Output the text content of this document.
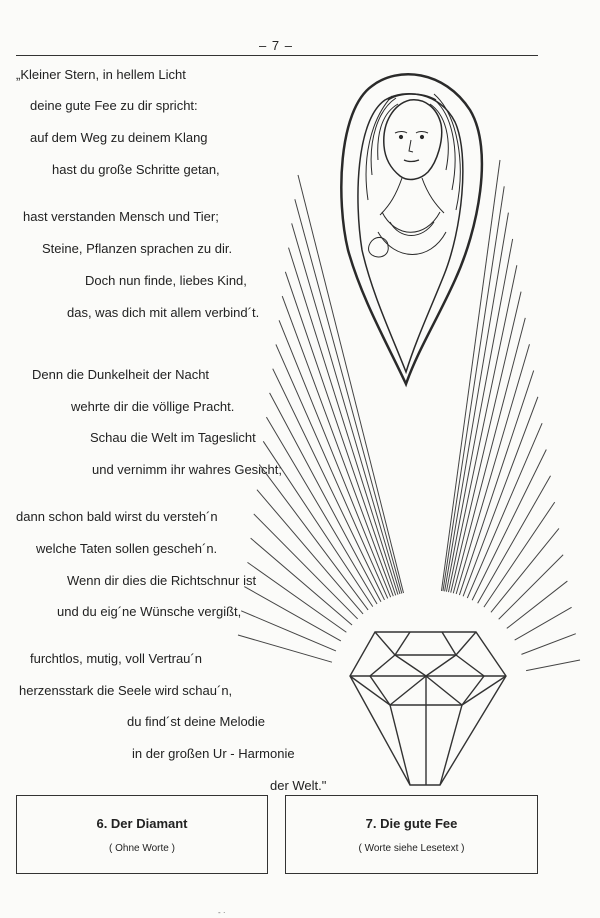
– 7 –
„Kleiner Stern, in hellem Licht
deine gute Fee zu dir spricht:
auf dem Weg zu deinem Klang
hast du große Schritte getan,
hast verstanden Mensch und Tier;
Steine, Pflanzen sprachen zu dir.
Doch nun finde, liebes Kind,
das, was dich mit allem verbind´t.
Denn die Dunkelheit der Nacht
wehrte dir die völlige Pracht.
Schau die Welt im Tageslicht
und vernimm ihr wahres Gesicht;
dann schon bald wirst du versteh´n
welche Taten sollen gescheh´n.
Wenn dir dies die Richtschnur ist
und du eig´ne Wünsche vergißt,
furchtlos, mutig, voll Vertrau´n
herzensstark die Seele wird schau´n,
du find´st deine Melodie
in der großen Ur - Harmonie
der Welt."
6. Der Diamant
( Ohne Worte )
7. Die gute Fee
( Worte siehe Lesetext )
- ·
